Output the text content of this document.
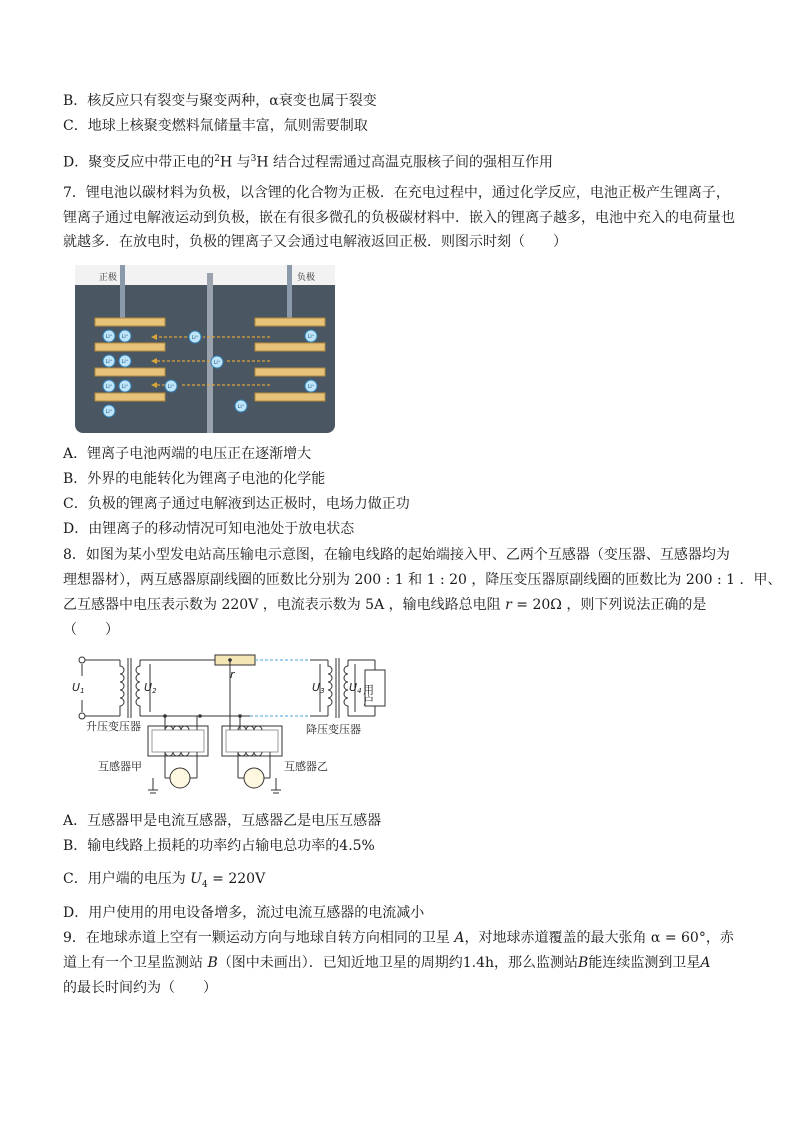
B．核反应只有裂变与聚变两种，α衰变也属于裂变
C．地球上核聚变燃料氚储量丰富，氚则需要制取
D．聚变反应中带正电的$^2$H 与$^3$H 结合过程需通过高温克服核子间的强相互作用
7．锂电池以碳材料为负极，以含锂的化合物为正极．在充电过程中，通过化学反应，电池正极产生锂离子，
锂离子通过电解液运动到负极，嵌在有很多微孔的负极碳材料中．嵌入的锂离子越多，电池中充入的电荷量也
就越多．在放电时，负极的锂离子又会通过电解液返回正极．则图示时刻（　　）
正极	负极
Li⁺ Li⁺
Li⁺ Li⁺
Li⁺ Li⁺
Li⁺
Li⁺
Li⁺
Li⁺
Li⁺
Li⁺
Li⁺
A．锂离子电池两端的电压正在逐渐增大
B．外界的电能转化为锂离子电池的化学能
C．负极的锂离子通过电解液到达正极时，电场力做正功
D．由锂离子的移动情况可知电池处于放电状态
8．如图为某小型发电站高压输电示意图，在输电线路的起始端接入甲、乙两个互感器（变压器、互感器均为
理想器材），两互感器原副线圈的匝数比分别为 200 : 1 和 1 : 20 ，降压变压器原副线圈的匝数比为 200 : 1 ．甲、
乙互感器中电压表示数为 220V ，电流表示数为 5A ，输电线路总电阻 r = 20Ω ，则下列说法正确的是
（　　）
U1	U2	U3 U4
r
用户
升压变压器	降压变压器
互感器甲	互感器乙
A．互感器甲是电流互感器，互感器乙是电压互感器
B．输电线路上损耗的功率约占输电总功率的4.5%
C．用户端的电压为 $U_4 = 220V$
D．用户使用的用电设备增多，流过电流互感器的电流减小
9．在地球赤道上空有一颗运动方向与地球自转方向相同的卫星 A，对地球赤道覆盖的最大张角 α = 60°，赤
道上有一个卫星监测站 B（图中未画出）．已知近地卫星的周期约1.4h，那么监测站B能连续监测到卫星A
的最长时间约为（　　）
